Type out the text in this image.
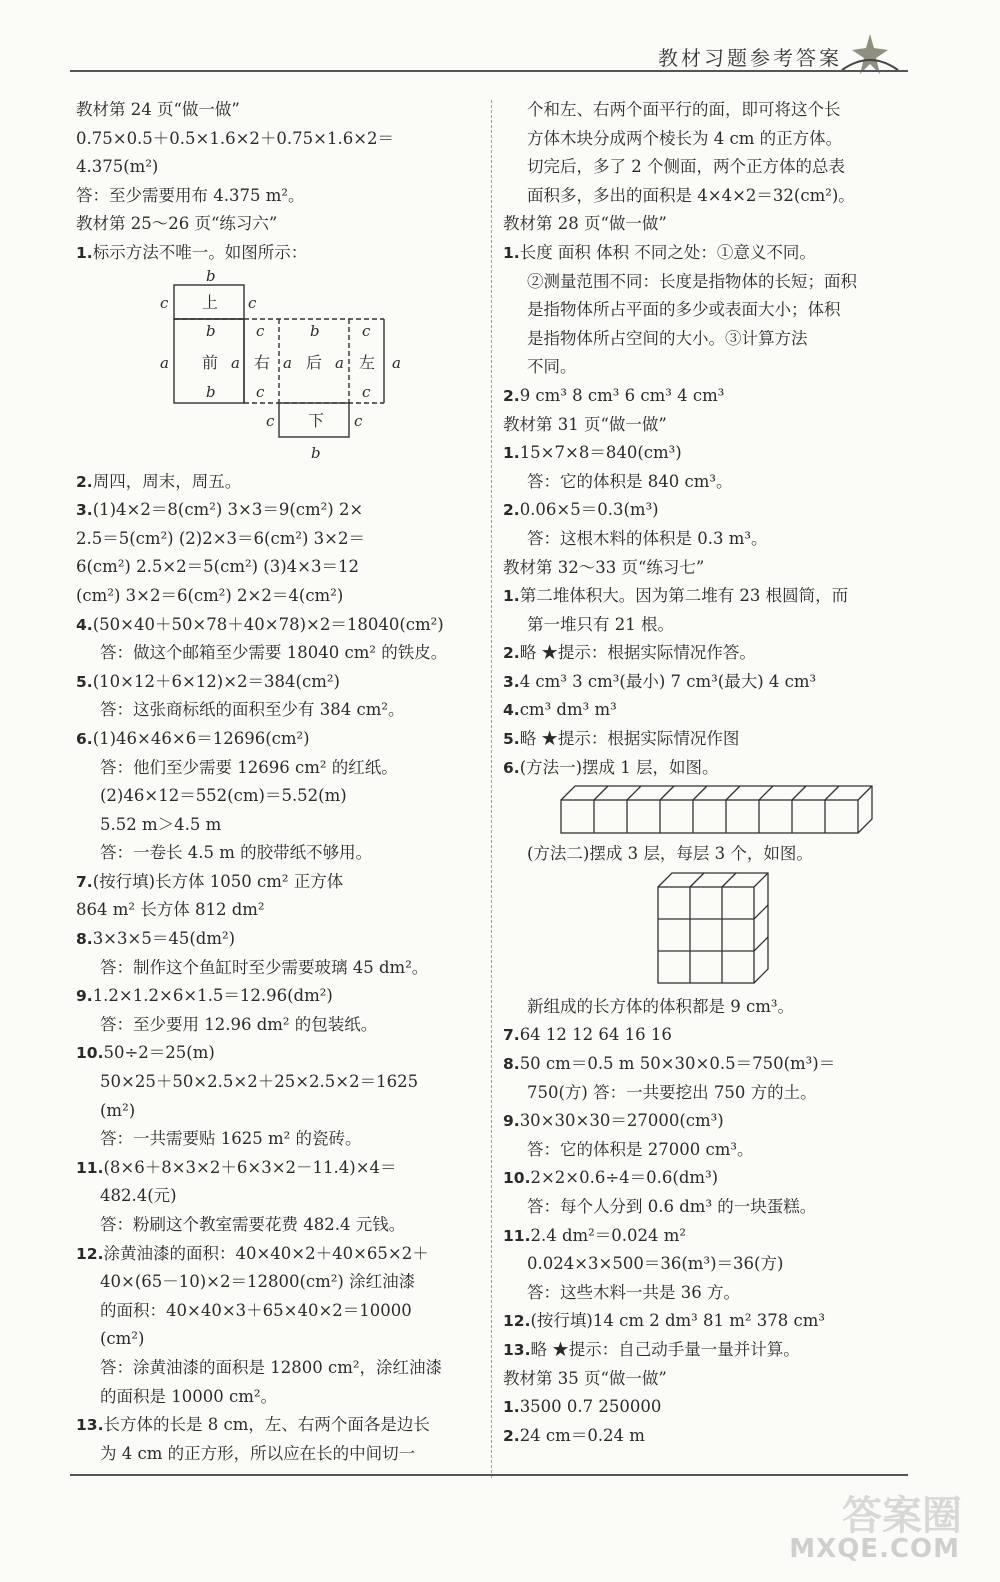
教材习题参考答案
教材第 24 页“做一做”
0.75×0.5＋0.5×1.6×2＋0.75×1.6×2＝
4.375(m²)
答：至少需要用布 4.375 m²。
教材第 25～26 页“练习六”
1.标示方法不唯一。如图所示：
上
前 右 后 左
下
b
c	c
b	c	b	c
a	a	a	a	a
b	c	c
c	c
b
2.周四，周末，周五。
3.(1)4×2＝8(cm²) 3×3＝9(cm²) 2×
2.5＝5(cm²) (2)2×3＝6(cm²) 3×2＝
6(cm²) 2.5×2＝5(cm²) (3)4×3＝12
(cm²) 3×2＝6(cm²) 2×2＝4(cm²)
4.(50×40＋50×78＋40×78)×2＝18040(cm²)
答：做这个邮箱至少需要 18040 cm² 的铁皮。
5.(10×12＋6×12)×2＝384(cm²)
答：这张商标纸的面积至少有 384 cm²。
6.(1)46×46×6＝12696(cm²)
答：他们至少需要 12696 cm² 的红纸。
(2)46×12＝552(cm)＝5.52(m)
5.52 m＞4.5 m
答：一卷长 4.5 m 的胶带纸不够用。
7.(按行填)长方体 1050 cm² 正方体
864 m² 长方体 812 dm²
8.3×3×5＝45(dm²)
答：制作这个鱼缸时至少需要玻璃 45 dm²。
9.1.2×1.2×6×1.5＝12.96(dm²)
答：至少要用 12.96 dm² 的包装纸。
10.50÷2＝25(m)
50×25＋50×2.5×2＋25×2.5×2＝1625
(m²)
答：一共需要贴 1625 m² 的瓷砖。
11.(8×6＋8×3×2＋6×3×2－11.4)×4＝
482.4(元)
答：粉刷这个教室需要花费 482.4 元钱。
12.涂黄油漆的面积：40×40×2＋40×65×2＋
40×(65－10)×2＝12800(cm²) 涂红油漆
的面积：40×40×3＋65×40×2＝10000
(cm²)
答：涂黄油漆的面积是 12800 cm²，涂红油漆
的面积是 10000 cm²。
13.长方体的长是 8 cm，左、右两个面各是边长
为 4 cm 的正方形，所以应在长的中间切一
个和左、右两个面平行的面，即可将这个长
方体木块分成两个棱长为 4 cm 的正方体。
切完后，多了 2 个侧面，两个正方体的总表
面积多，多出的面积是 4×4×2＝32(cm²)。
教材第 28 页“做一做”
1.长度 面积 体积 不同之处：①意义不同。
②测量范围不同：长度是指物体的长短；面积
是指物体所占平面的多少或表面大小；体积
是指物体所占空间的大小。③计算方法
不同。
2.9 cm³ 8 cm³ 6 cm³ 4 cm³
教材第 31 页“做一做”
1.15×7×8＝840(cm³)
答：它的体积是 840 cm³。
2.0.06×5＝0.3(m³)
答：这根木料的体积是 0.3 m³。
教材第 32～33 页“练习七”
1.第二堆体积大。因为第二堆有 23 根圆筒，而
第一堆只有 21 根。
2.略 ★提示：根据实际情况作答。
3.4 cm³ 3 cm³(最小) 7 cm³(最大) 4 cm³
4.cm³ dm³ m³
5.略 ★提示：根据实际情况作图
6.(方法一)摆成 1 层，如图。
(方法二)摆成 3 层，每层 3 个，如图。
新组成的长方体的体积都是 9 cm³。
7.64 12 12 64 16 16
8.50 cm＝0.5 m 50×30×0.5＝750(m³)＝
750(方) 答：一共要挖出 750 方的土。
9.30×30×30＝27000(cm³)
答：它的体积是 27000 cm³。
10.2×2×0.6÷4＝0.6(dm³)
答：每个人分到 0.6 dm³ 的一块蛋糕。
11.2.4 dm²＝0.024 m²
0.024×3×500＝36(m³)＝36(方)
答：这些木料一共是 36 方。
12.(按行填)14 cm 2 dm³ 81 m² 378 cm³
13.略 ★提示：自己动手量一量并计算。
教材第 35 页“做一做”
1.3500 0.7 250000
2.24 cm＝0.24 m
答案圈
MXQE.COM
